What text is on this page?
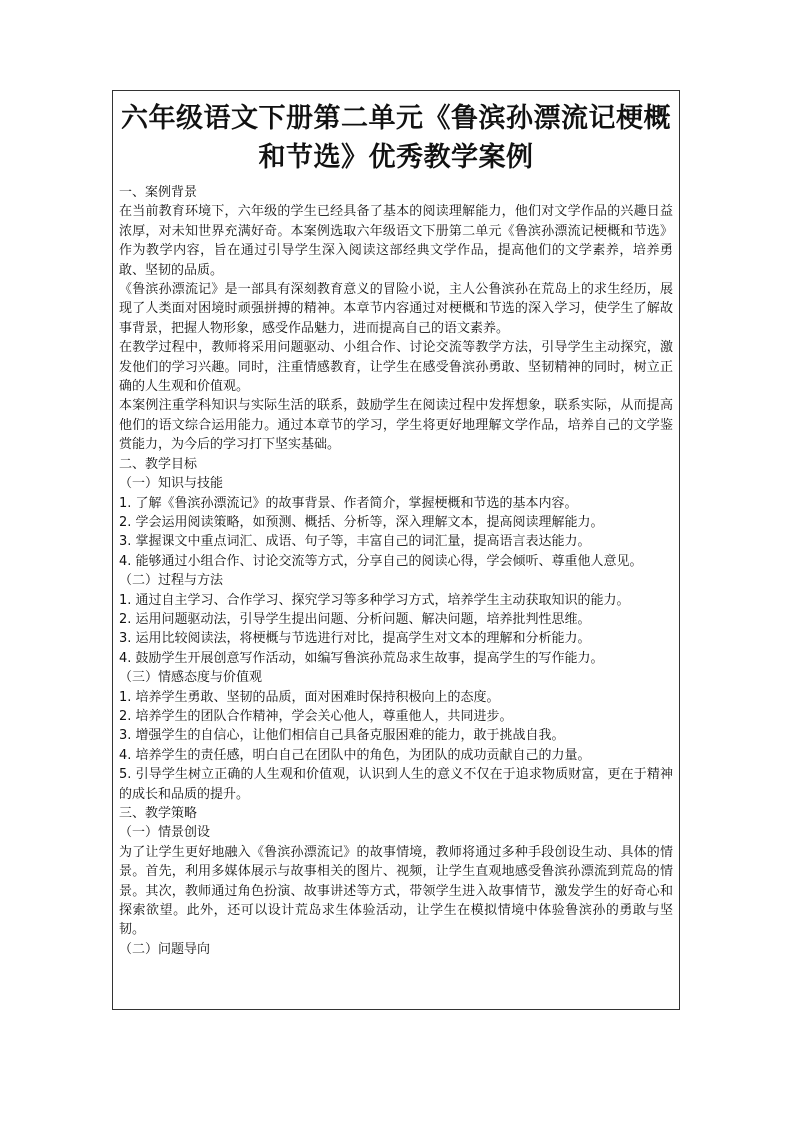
六年级语文下册第二单元《鲁滨孙漂流记梗概和节选》优秀教学案例

一、案例背景

在当前教育环境下，六年级的学生已经具备了基本的阅读理解能力，他们对文学作品的兴趣日益浓厚，对未知世界充满好奇。本案例选取六年级语文下册第二单元《鲁滨孙漂流记梗概和节选》作为教学内容，旨在通过引导学生深入阅读这部经典文学作品，提高他们的文学素养，培养勇敢、坚韧的品质。

《鲁滨孙漂流记》是一部具有深刻教育意义的冒险小说，主人公鲁滨孙在荒岛上的求生经历，展现了人类面对困境时顽强拼搏的精神。本章节内容通过对梗概和节选的深入学习，使学生了解故事背景，把握人物形象，感受作品魅力，进而提高自己的语文素养。

在教学过程中，教师将采用问题驱动、小组合作、讨论交流等教学方法，引导学生主动探究，激发他们的学习兴趣。同时，注重情感教育，让学生在感受鲁滨孙勇敢、坚韧精神的同时，树立正确的人生观和价值观。

本案例注重学科知识与实际生活的联系，鼓励学生在阅读过程中发挥想象，联系实际，从而提高他们的语文综合运用能力。通过本章节的学习，学生将更好地理解文学作品，培养自己的文学鉴赏能力，为今后的学习打下坚实基础。

二、教学目标

（一）知识与技能

1. 了解《鲁滨孙漂流记》的故事背景、作者简介，掌握梗概和节选的基本内容。

2. 学会运用阅读策略，如预测、概括、分析等，深入理解文本，提高阅读理解能力。

3. 掌握课文中重点词汇、成语、句子等，丰富自己的词汇量，提高语言表达能力。

4. 能够通过小组合作、讨论交流等方式，分享自己的阅读心得，学会倾听、尊重他人意见。

（二）过程与方法

1. 通过自主学习、合作学习、探究学习等多种学习方式，培养学生主动获取知识的能力。

2. 运用问题驱动法，引导学生提出问题、分析问题、解决问题，培养批判性思维。

3. 运用比较阅读法，将梗概与节选进行对比，提高学生对文本的理解和分析能力。

4. 鼓励学生开展创意写作活动，如编写鲁滨孙荒岛求生故事，提高学生的写作能力。

（三）情感态度与价值观

1. 培养学生勇敢、坚韧的品质，面对困难时保持积极向上的态度。

2. 培养学生的团队合作精神，学会关心他人，尊重他人，共同进步。

3. 增强学生的自信心，让他们相信自己具备克服困难的能力，敢于挑战自我。

4. 培养学生的责任感，明白自己在团队中的角色，为团队的成功贡献自己的力量。

5. 引导学生树立正确的人生观和价值观，认识到人生的意义不仅在于追求物质财富，更在于精神的成长和品质的提升。

三、教学策略

（一）情景创设

为了让学生更好地融入《鲁滨孙漂流记》的故事情境，教师将通过多种手段创设生动、具体的情景。首先，利用多媒体展示与故事相关的图片、视频，让学生直观地感受鲁滨孙漂流到荒岛的情景。其次，教师通过角色扮演、故事讲述等方式，带领学生进入故事情节，激发学生的好奇心和探索欲望。此外，还可以设计荒岛求生体验活动，让学生在模拟情境中体验鲁滨孙的勇敢与坚韧。

（二）问题导向
